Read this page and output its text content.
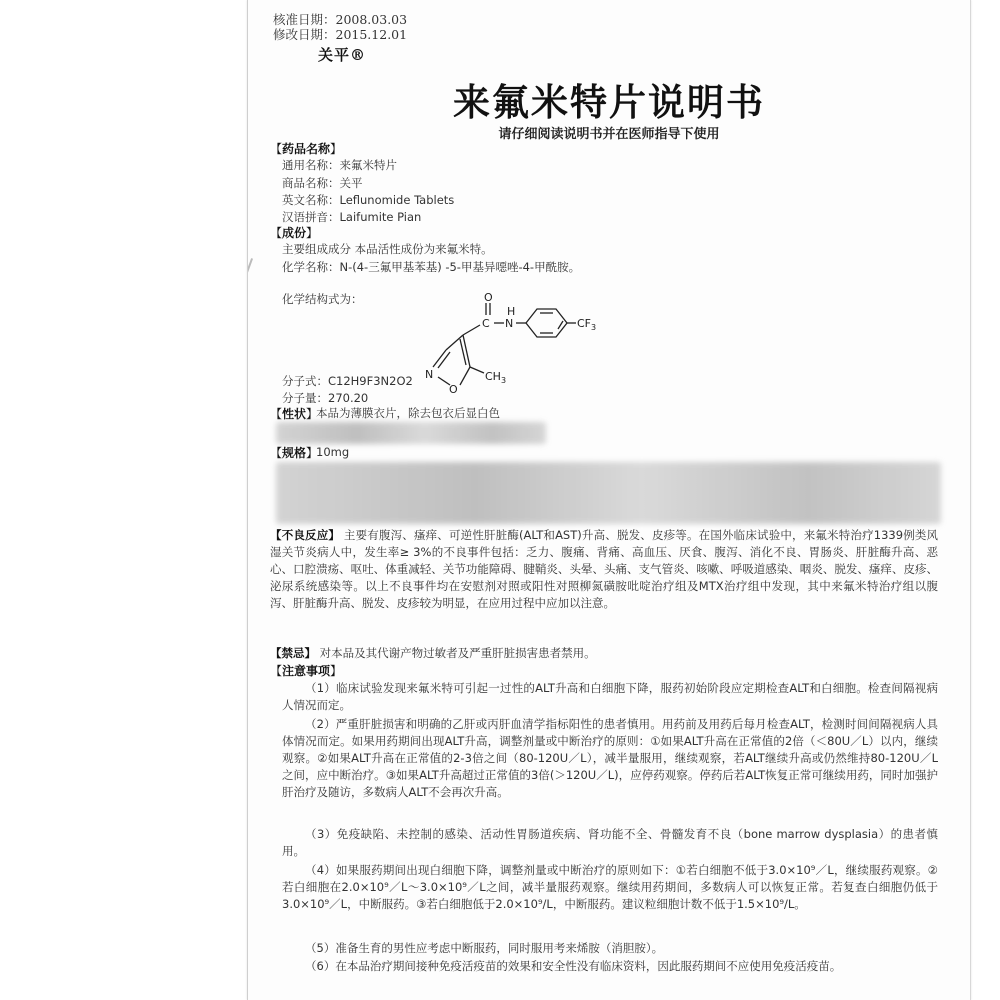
核准日期：2008.03.03
修改日期：2015.12.01
关平®
来氟米特片说明书
请仔细阅读说明书并在医师指导下使用
【药品名称】
通用名称：来氟米特片
商品名称：关平
英文名称：Leflunomide Tablets
汉语拼音：Laifumite Pian
【成份】
主要组成成分 本品活性成份为来氟米特。
化学名称：N-(4-三氟甲基苯基) -5-甲基异噁唑-4-甲酰胺。
化学结构式为：	O
H
C N	$CF_3$
N
O
$CH_3$
分子式：C12H9F3N2O2
分子量：270.20
【性状】
本品为薄膜衣片，除去包衣后显白色
【规格】
10mg
【不良反应】 主要有腹泻、瘙痒、可逆性肝脏酶(ALT和AST)升高、脱发、皮疹等。在国外临床试验中，来氟米特治疗1339例类风湿关节炎病人中，发生率≥ 3%的不良事件包括：乏力、腹痛、背痛、高血压、厌食、腹泻、消化不良、胃肠炎、肝脏酶升高、恶心、口腔溃疡、呕吐、体重减轻、关节功能障碍、腱鞘炎、头晕、头痛、支气管炎、咳嗽、呼吸道感染、咽炎、脱发、瘙痒、皮疹、泌尿系统感染等。以上不良事件均在安慰剂对照或阳性对照柳氮磺胺吡啶治疗组及MTX治疗组中发现，其中来氟米特治疗组以腹泻、肝脏酶升高、脱发、皮疹较为明显，在应用过程中应加以注意。
【禁忌】 对本品及其代谢产物过敏者及严重肝脏损害患者禁用。
【注意事项】
（1）临床试验发现来氟米特可引起一过性的ALT升高和白细胞下降，服药初始阶段应定期检查ALT和白细胞。检查间隔视病人情况而定。
（2）严重肝脏损害和明确的乙肝或丙肝血清学指标阳性的患者慎用。用药前及用药后每月检查ALT，检测时间间隔视病人具体情况而定。如果用药期间出现ALT升高，调整剂量或中断治疗的原则：①如果ALT升高在正常值的2倍（＜80U／L）以内，继续观察。②如果ALT升高在正常值的2-3倍之间（80-120U／L），减半量服用，继续观察，若ALT继续升高或仍然维持80-120U／L之间，应中断治疗。③如果ALT升高超过正常值的3倍(＞120U／L)，应停药观察。停药后若ALT恢复正常可继续用药，同时加强护肝治疗及随访，多数病人ALT不会再次升高。
（3）免疫缺陷、未控制的感染、活动性胃肠道疾病、肾功能不全、骨髓发育不良（bone marrow dysplasia）的患者慎用。
（4）如果服药期间出现白细胞下降，调整剂量或中断治疗的原则如下：①若白细胞不低于3.0×10⁹／L，继续服药观察。②若白细胞在2.0×10⁹／L～3.0×10⁹／L之间，减半量服药观察。继续用药期间，多数病人可以恢复正常。若复查白细胞仍低于3.0×10⁹／L，中断服药。③若白细胞低于2.0×10⁹/L，中断服药。建议粒细胞计数不低于1.5×10⁹/L。
（5）准备生育的男性应考虑中断服药，同时服用考来烯胺（消胆胺）。
（6）在本品治疗期间接种免疫活疫苗的效果和安全性没有临床资料，因此服药期间不应使用免疫活疫苗。
